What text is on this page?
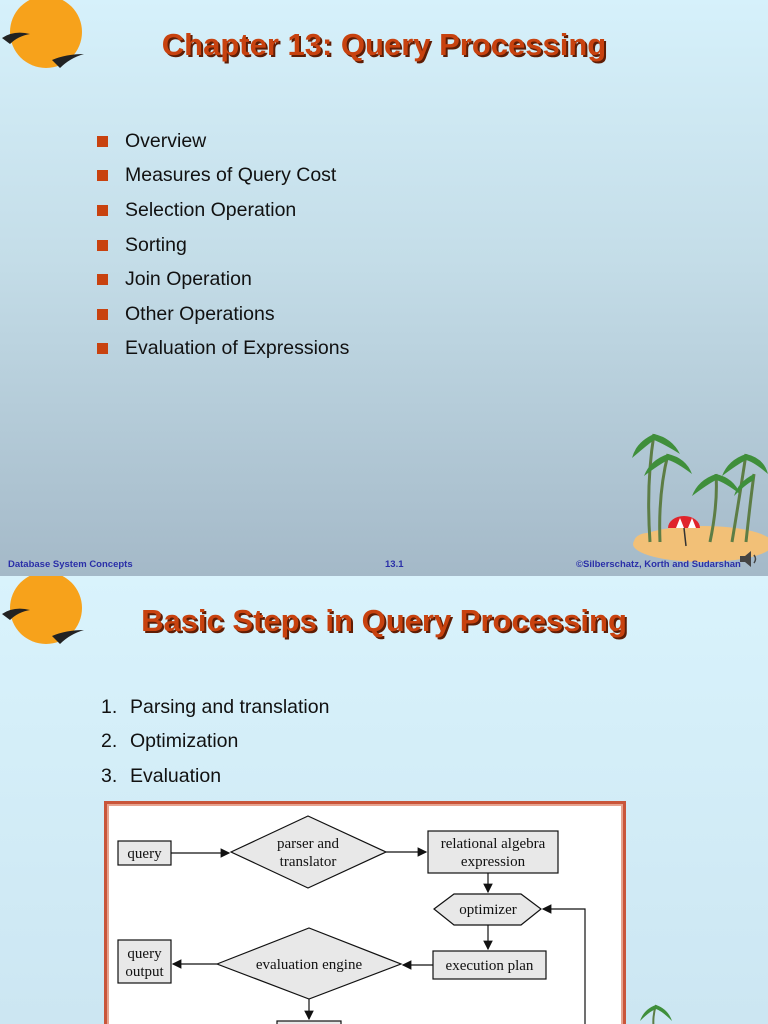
Chapter 13: Query Processing
Overview
Measures of Query Cost
Selection Operation
Sorting
Join Operation
Other Operations
Evaluation of Expressions
Database System Concepts	13.1	©Silberschatz, Korth and Sudarshan
Basic Steps in Query Processing
1. Parsing and translation
2. Optimization
3. Evaluation
query
parser and
translator
relational algebra
expression
optimizer
query
output	evaluation engine	execution plan
